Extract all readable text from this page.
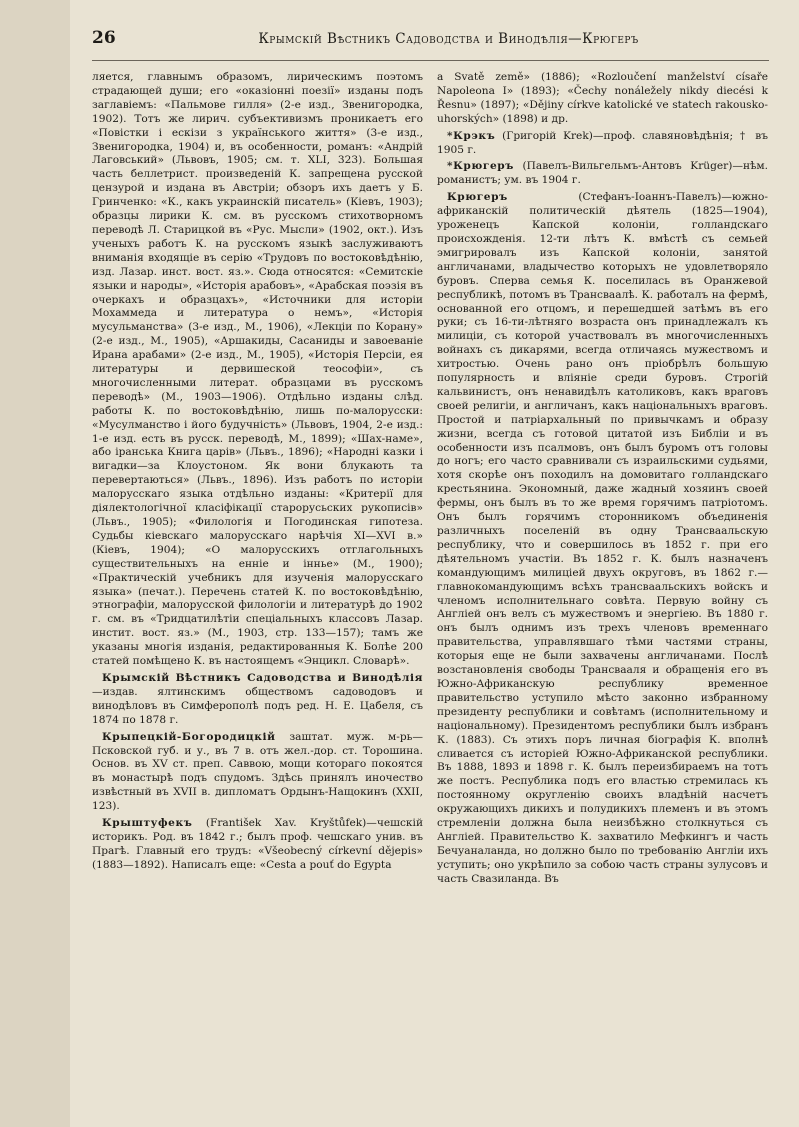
26	Крымскій Вѣстникъ Садоводства и Винодѣлія—Крюгеръ

ляется, главнымъ образомъ, лирическимъ поэтомъ страдающей души; его «оказіонні поезії» изданы подъ заглавіемъ: «Пальмове гилля» (2-е изд., Звенигородка, 1902). Тотъ же лирич. субъективизмъ проникаетъ его «Повістки і ескізи з українського життя» (3-е изд., Звенигородка, 1904) и, въ особенности, романъ: «Андрій Лаговський» (Львовъ, 1905; см. т. XLI, 323). Большая часть беллетрист. произведеній К. запрещена русской цензурой и издана въ Австріи; обзоръ ихъ даетъ у Б. Гринченко: «К., какъ украинскій писатель» (Кіевъ, 1903); образцы лирики К. см. въ русскомъ стихотворномъ переводѣ Л. Старицкой въ «Рус. Мысли» (1902, окт.). Изъ ученыхъ работъ К. на русскомъ языкѣ заслуживаютъ вниманія входящіе въ серію «Трудовъ по востоковѣдѣнію, изд. Лазар. инст. вост. яз.». Сюда относятся: «Семитскіе языки и народы», «Исторія арабовъ», «Арабская поэзія въ очеркахъ и образцахъ», «Источники для исторіи Мохаммеда и литература о немъ», «Исторія мусульманства» (3-е изд., М., 1906), «Лекціи по Корану» (2-е изд., М., 1905), «Аршакиды, Сасаниды и завоеваніе Ирана арабами» (2-е изд., М., 1905), «Исторія Персіи, ея литературы и дервишеской теософіи», съ многочисленными литерат. образцами въ русскомъ переводѣ» (М., 1903—1906). Отдѣльно изданы слѣд. работы К. по востоковѣдѣнію, лишь по-малорусски: «Мусулманство і його будучність» (Львовъ, 1904, 2-е изд.: 1-е изд. есть въ русск. переводѣ, М., 1899); «Шах-наме», або іранська Книга царів» (Львъ., 1896); «Народні казки і вигадки—за Клоустоном. Як вони блукають та перевертаються» (Львъ., 1896). Изъ работъ по исторіи малорусскаго языка отдѣльно изданы: «Критерії для діялектологічної класіфікації старорусьских рукописів» (Львъ., 1905); «Филологія и Погодинская гипотеза. Судьбы кіевскаго малорусскаго нарѣчія XI—XVI в.» (Кіевъ, 1904); «О малорусскихъ отглагольныхъ существительныхъ на енніе и іннье» (М., 1900); «Практическій учебникъ для изученія малорусскаго языка» (печат.). Перечень статей К. по востоковѣдѣнію, этнографіи, малорусской филологіи и литературѣ до 1902 г. см. въ «Тридцатилѣтіи спеціальныхъ классовъ Лазар. инстит. вост. яз.» (М., 1903, стр. 133—157); тамъ же указаны многія изданія, редактированныя К. Болѣе 200 статей помѣщено К. въ настоящемъ «Энцикл. Словарѣ».

Крымскій Вѣстникъ Садоводства и Винодѣлія—издав. ялтинскимъ обществомъ садоводовъ и винодѣловъ въ Симферополѣ подъ ред. Н. Е. Цабеля, съ 1874 по 1878 г.

Крыпецкій-Богородицкій заштат. муж. м-рь—Псковской губ. и у., въ 7 в. отъ жел.-дор. ст. Торошина. Основ. въ XV ст. преп. Саввою, мощи котораго покоятся въ монастырѣ подъ спудомъ. Здѣсь принялъ иночество извѣстный въ XVII в. дипломатъ Ордынъ-Нащокинъ (XXII, 123).

Крыштуфекъ (František Xav. Kryštůfek)—чешскій историкъ. Род. въ 1842 г.; былъ проф. чешскаго унив. въ Прагѣ. Главный его трудъ: «Všeobecný církevní dějepis» (1883—1892). Написалъ еще: «Cesta a pouť do Egypta

a Svatě země» (1886); «Rozloučení manželství císaře Napoleona I» (1893); «Čechy nonáležely nikdy diecési k Řesnu» (1897); «Dějiny církve katolické ve statech rakousko-uhorských» (1898) и др.

*Крэкъ (Григорій Krek)—проф. славяновѣдѣнія; † въ 1905 г.

*Крюгеръ (Павелъ-Вильгельмъ-Антовъ Krüger)—нѣм. романистъ; ум. въ 1904 г.

Крюгеръ (Стефанъ-Іоаннъ-Павелъ)—южно-африканскій политическій дѣятель (1825—1904), уроженецъ Капской колоніи, голландскаго происхожденія. 12-ти лѣтъ К. вмѣстѣ съ семьей эмигрировалъ изъ Капской колоніи, занятой англичанами, владычество которыхъ не удовлетворяло буровъ. Сперва семья К. поселилась въ Оранжевой республикѣ, потомъ въ Трансваалѣ. К. работалъ на фермѣ, основанной его отцомъ, и перешедшей затѣмъ въ его руки; съ 16-ти-лѣтняго возраста онъ принадлежалъ къ милиціи, съ которой участвовалъ въ многочисленныхъ войнахъ съ дикарями, всегда отличаясь мужествомъ и хитростью. Очень рано онъ пріобрѣлъ большую популярность и вліяніе среди буровъ. Строгій кальвинистъ, онъ ненавидѣлъ католиковъ, какъ враговъ своей религіи, и англичанъ, какъ національныхъ враговъ. Простой и патріархальный по привычкамъ и образу жизни, всегда съ готовой цитатой изъ Библіи и въ особенности изъ псалмовъ, онъ былъ буромъ отъ головы до ногъ; его часто сравнивали съ израильскими судьями, хотя скорѣе онъ походилъ на домовитаго голландскаго крестьянина. Экономный, даже жадный хозяинъ своей фермы, онъ былъ въ то же время горячимъ патріотомъ. Онъ былъ горячимъ сторонникомъ объединенія различныхъ поселеній въ одну Трансваальскую республику, что и совершилось въ 1852 г. при его дѣятельномъ участіи. Въ 1852 г. К. былъ назначенъ командующимъ милиціей двухъ округовъ, въ 1862 г.—главнокомандующимъ всѣхъ трансваальскихъ войскъ и членомъ исполнительнаго совѣта. Первую войну съ Англіей онъ велъ съ мужествомъ и энергіею. Въ 1880 г. онъ былъ однимъ изъ трехъ членовъ временнаго правительства, управлявшаго тѣми частями страны, которыя еще не были захвачены англичанами. Послѣ возстановленія свободы Трансвааля и обращенія его въ Южно-Африканскую республику временное правительство уступило мѣсто законно избранному президенту республики и совѣтамъ (исполнительному и національному). Президентомъ республики былъ избранъ К. (1883). Съ этихъ поръ личная біографія К. вполнѣ сливается съ исторіей Южно-Африканской республики. Въ 1888, 1893 и 1898 г. К. былъ переизбираемъ на тотъ же постъ. Республика подъ его властью стремилась къ постоянному округленію своихъ владѣній насчетъ окружающихъ дикихъ и полудикихъ племенъ и въ этомъ стремленіи должна была неизбѣжно столкнуться съ Англіей. Правительство К. захватило Мефкингъ и часть Бечуаналанда, но должно было по требованію Англіи ихъ уступить; оно укрѣпило за собою часть страны зулусовъ и часть Свазиланда. Въ
